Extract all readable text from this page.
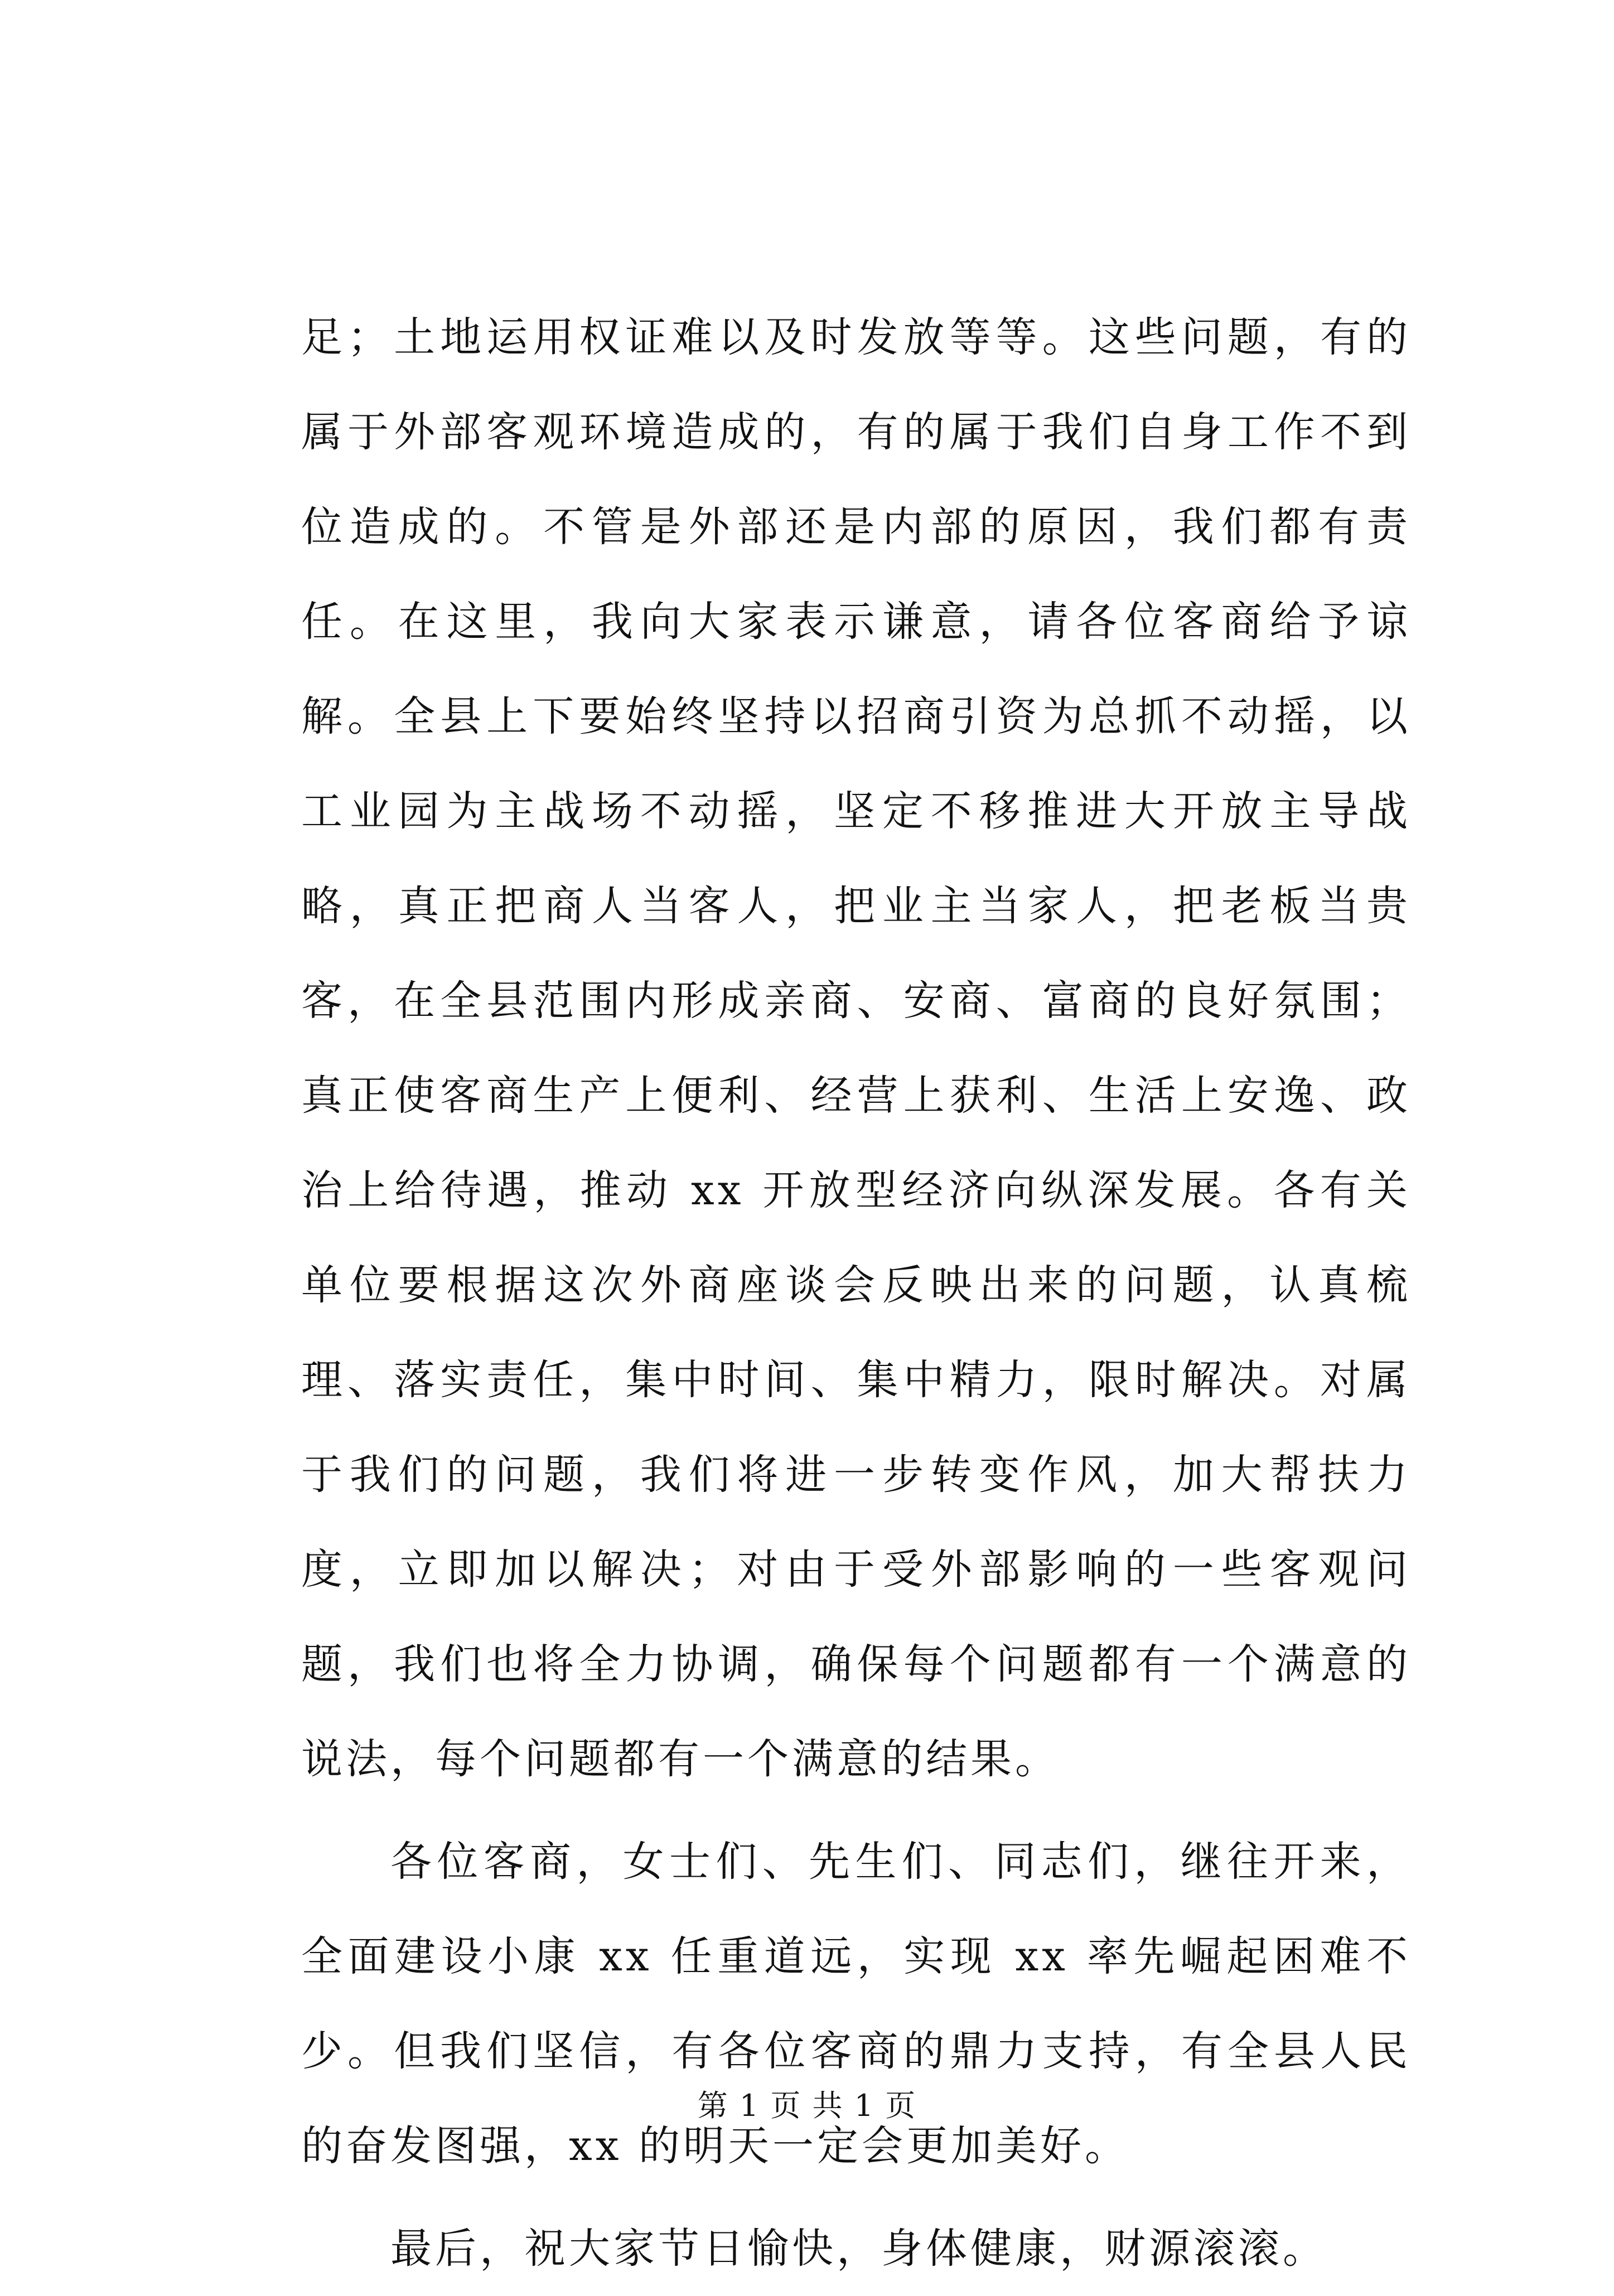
足；土地运用权证难以及时发放等等。这些问题，有的属于外部客观环境造成的，有的属于我们自身工作不到位造成的。不管是外部还是内部的原因，我们都有责任。在这里，我向大家表示谦意，请各位客商给予谅解。全县上下要始终坚持以招商引资为总抓不动摇，以工业园为主战场不动摇，坚定不移推进大开放主导战略，真正把商人当客人，把业主当家人，把老板当贵客，在全县范围内形成亲商、安商、富商的良好氛围；真正使客商生产上便利、经营上获利、生活上安逸、政治上给待遇，推动 xx 开放型经济向纵深发展。各有关单位要根据这次外商座谈会反映出来的问题，认真梳理、落实责任，集中时间、集中精力，限时解决。对属于我们的问题，我们将进一步转变作风，加大帮扶力度，立即加以解决；对由于受外部影响的一些客观问题，我们也将全力协调，确保每个问题都有一个满意的说法，每个问题都有一个满意的结果。

各位客商，女士们、先生们、同志们，继往开来，全面建设小康 xx 任重道远，实现 xx 率先崛起困难不少。但我们坚信，有各位客商的鼎力支持，有全县人民的奋发图强，xx 的明天一定会更加美好。

最后，祝大家节日愉快，身体健康，财源滚滚。

第 1 页 共 1 页
